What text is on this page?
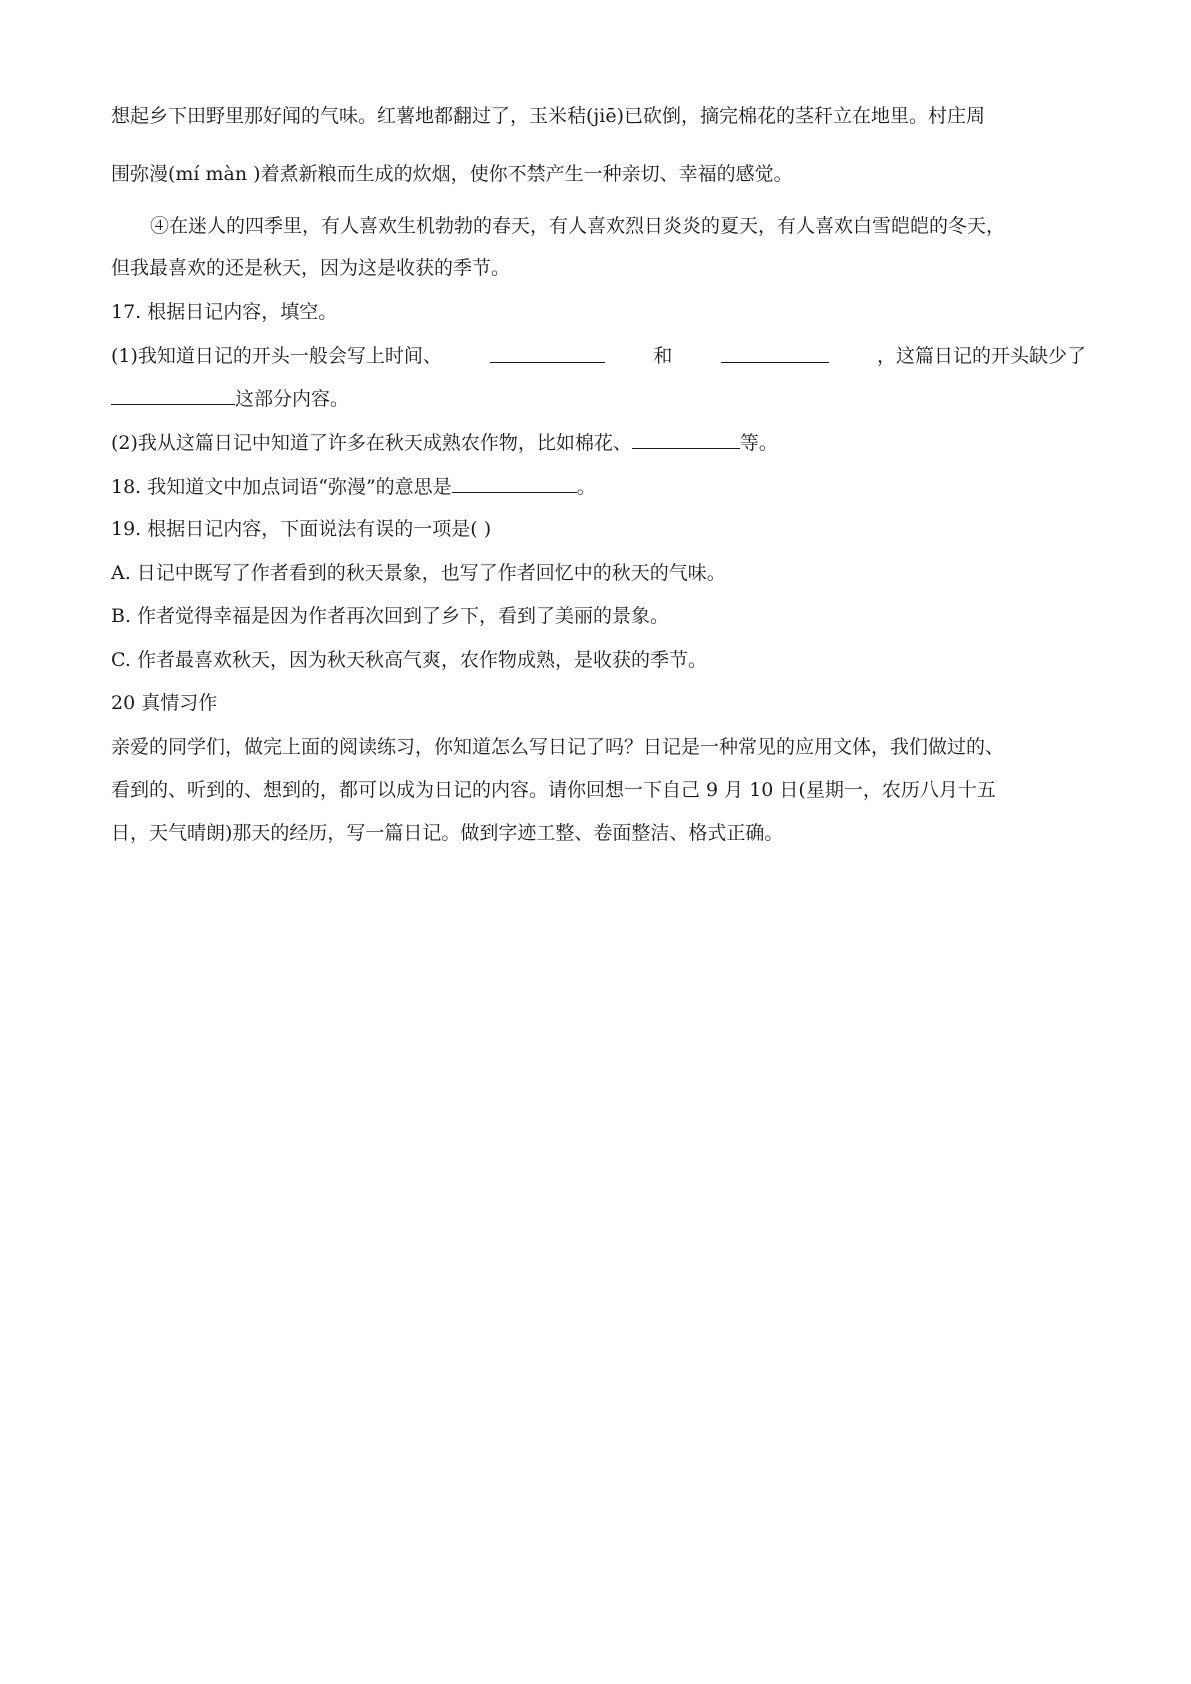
想起乡下田野里那好闻的气味。红薯地都翻过了，玉米秸(jiē)已砍倒，摘完棉花的茎秆立在地里。村庄周
围弥漫(mí màn )着煮新粮而生成的炊烟，使你不禁产生一种亲切、幸福的感觉。
④在迷人的四季里，有人喜欢生机勃勃的春天，有人喜欢烈日炎炎的夏天，有人喜欢白雪皑皑的冬天，
但我最喜欢的还是秋天，因为这是收获的季节。
17. 根据日记内容，填空。
(1)我知道日记的开头一般会写上时间、	和	，这篇日记的开头缺少了
这部分内容。
(2)我从这篇日记中知道了许多在秋天成熟农作物，比如棉花、	等。
18. 我知道文中加点词语“弥漫”的意思是	。
19. 根据日记内容，下面说法有误的一项是( )
A. 日记中既写了作者看到的秋天景象，也写了作者回忆中的秋天的气味。
B. 作者觉得幸福是因为作者再次回到了乡下，看到了美丽的景象。
C. 作者最喜欢秋天，因为秋天秋高气爽，农作物成熟，是收获的季节。
20 真情习作
亲爱的同学们，做完上面的阅读练习，你知道怎么写日记了吗？日记是一种常见的应用文体，我们做过的、
看到的、听到的、想到的，都可以成为日记的内容。请你回想一下自己 9 月 10 日(星期一，农历八月十五
日，天气晴朗)那天的经历，写一篇日记。做到字迹工整、卷面整洁、格式正确。
